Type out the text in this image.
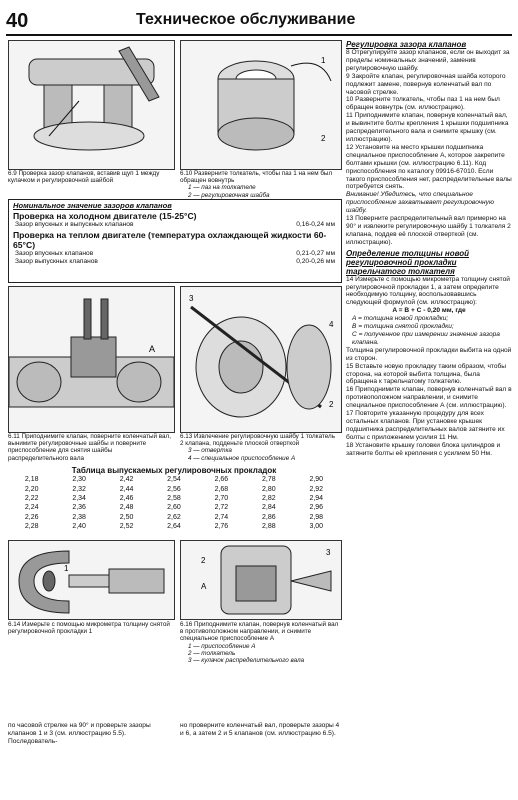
40	Техническое обслуживание
6.9 Проверка зазор клапанов, вставив щуп 1 между кулачком и регулировочной шайбой
1
2
6.10 Разверните толкатель, чтобы паз 1 на нем был обращен вовнутрь
1 — паз на толкателе
2 — регулировочная шайба
Номинальное значение зазоров клапанов
Проверка на холодном двигателе (15-25°C)
Зазор впускных и выпускных клапанов	0,16-0,24 мм
Проверка на теплом двигателе (температура охлаждающей жидкости 60-65°C)
Зазор впускных клапанов	0,21-0,27 мм
Зазор выпускных клапанов	0,20-0,26 мм
A
6.11 Приподнимите клапан, поверните коленчатый вал, вынимите регулировочные шайбы и поверните приспособление для снятия шайбы распределительного вала
3
4
2
6.13 Извлечение регулировочную шайбу 1 толкатель 2 клапана, подденьте плоской отверткой
3 — отвертка
4 — специальное приспособление А
Таблица выпускаемых регулировочных прокладок
2,18	2,30	2,42	2,54	2,66	2,78	2,90
2,20	2,32	2,44	2,56	2,68	2,80	2,92
2,22	2,34	2,46	2,58	2,70	2,82	2,94
2,24	2,36	2,48	2,60	2,72	2,84	2,96
2,26	2,38	2,50	2,62	2,74	2,86	2,98
2,28	2,40	2,52	2,64	2,76	2,88	3,00
1
6.14 Измерьте с помощью микрометра толщину снятой регулировочной прокладки 1
2
A
3
6.16 Приподнимите клапан, повернув коленчатый вал в противоположном направлении, и снимите специальное приспособление А
1 — приспособление А
2 — толкатель
3 — кулачок распределительного вала
по часовой стрелке на 90° и проверьте зазоры клапанов 1 и 3 (см. иллюстрацию 5.5). Последователь-
но проверните коленчатый вал, проверьте зазоры 4 и 6, а затем 2 и 5 клапанов (см. иллюстрацию 6.5).
Регулировка зазора клапанов
8 Отрегулируйте зазор клапанов, если он выходит за пределы номинальных значений, заменив регулировочную шайбу.
9 Закройте клапан, регулировочная шайба которого подлежит замене, повернув коленчатый вал по часовой стрелке.
10 Разверните толкатель, чтобы паз 1 на нем был обращен вовнутрь (см. иллюстрацию).
11 Приподнимите клапан, повернув коленчатый вал, и вывинтите болты крепления 1 крышки подшипника распределительного вала и снимите крышку (см. иллюстрацию).
12 Установите на место крышки подшипника специальное приспособление А, которое закрепите болтами крышки (см. иллюстрацию 6.11). Код приспособления по каталогу 09916-67010. Если такого приспособления нет, распределительные валы потребуется снять.
Внимание! Убедитесь, что специальное приспособление захватывает регулировочную шайбу.
13 Поверните распределительный вал примерно на 90° и извлеките регулировочную шайбу 1 толкателя 2 клапана, поддев её плоской отверткой (см. иллюстрацию).
Определение толщины новой регулировочной прокладки тарельчатого толкателя
14 Измерьте с помощью микрометра толщину снятой регулировочной прокладки 1, а затем определите необходимую толщину, воспользовавшись следующей формулой (см. иллюстрацию):
A = B + C - 0,20 мм, где
A = толщина новой прокладки;
B = толщина снятой прокладки;
C = полученное при измерении значение зазора клапана.
Толщина регулировочной прокладки выбита на одной из сторон.
15 Вставьте новую прокладку таким образом, чтобы сторона, на которой выбита толщина, была обращена к тарельчатому толкателю.
16 Приподнимите клапан, повернув коленчатый вал в противоположном направлении, и снимите специальное приспособление А (см. иллюстрацию).
17 Повторите указанную процедуру для всех остальных клапанов. При установке крышек подшипника распределительных валов затяните их болты с приложением усилия 11 Нм.
18 Установите крышку головки блока цилиндров и затяните болты её крепления с усилием 50 Нм.
